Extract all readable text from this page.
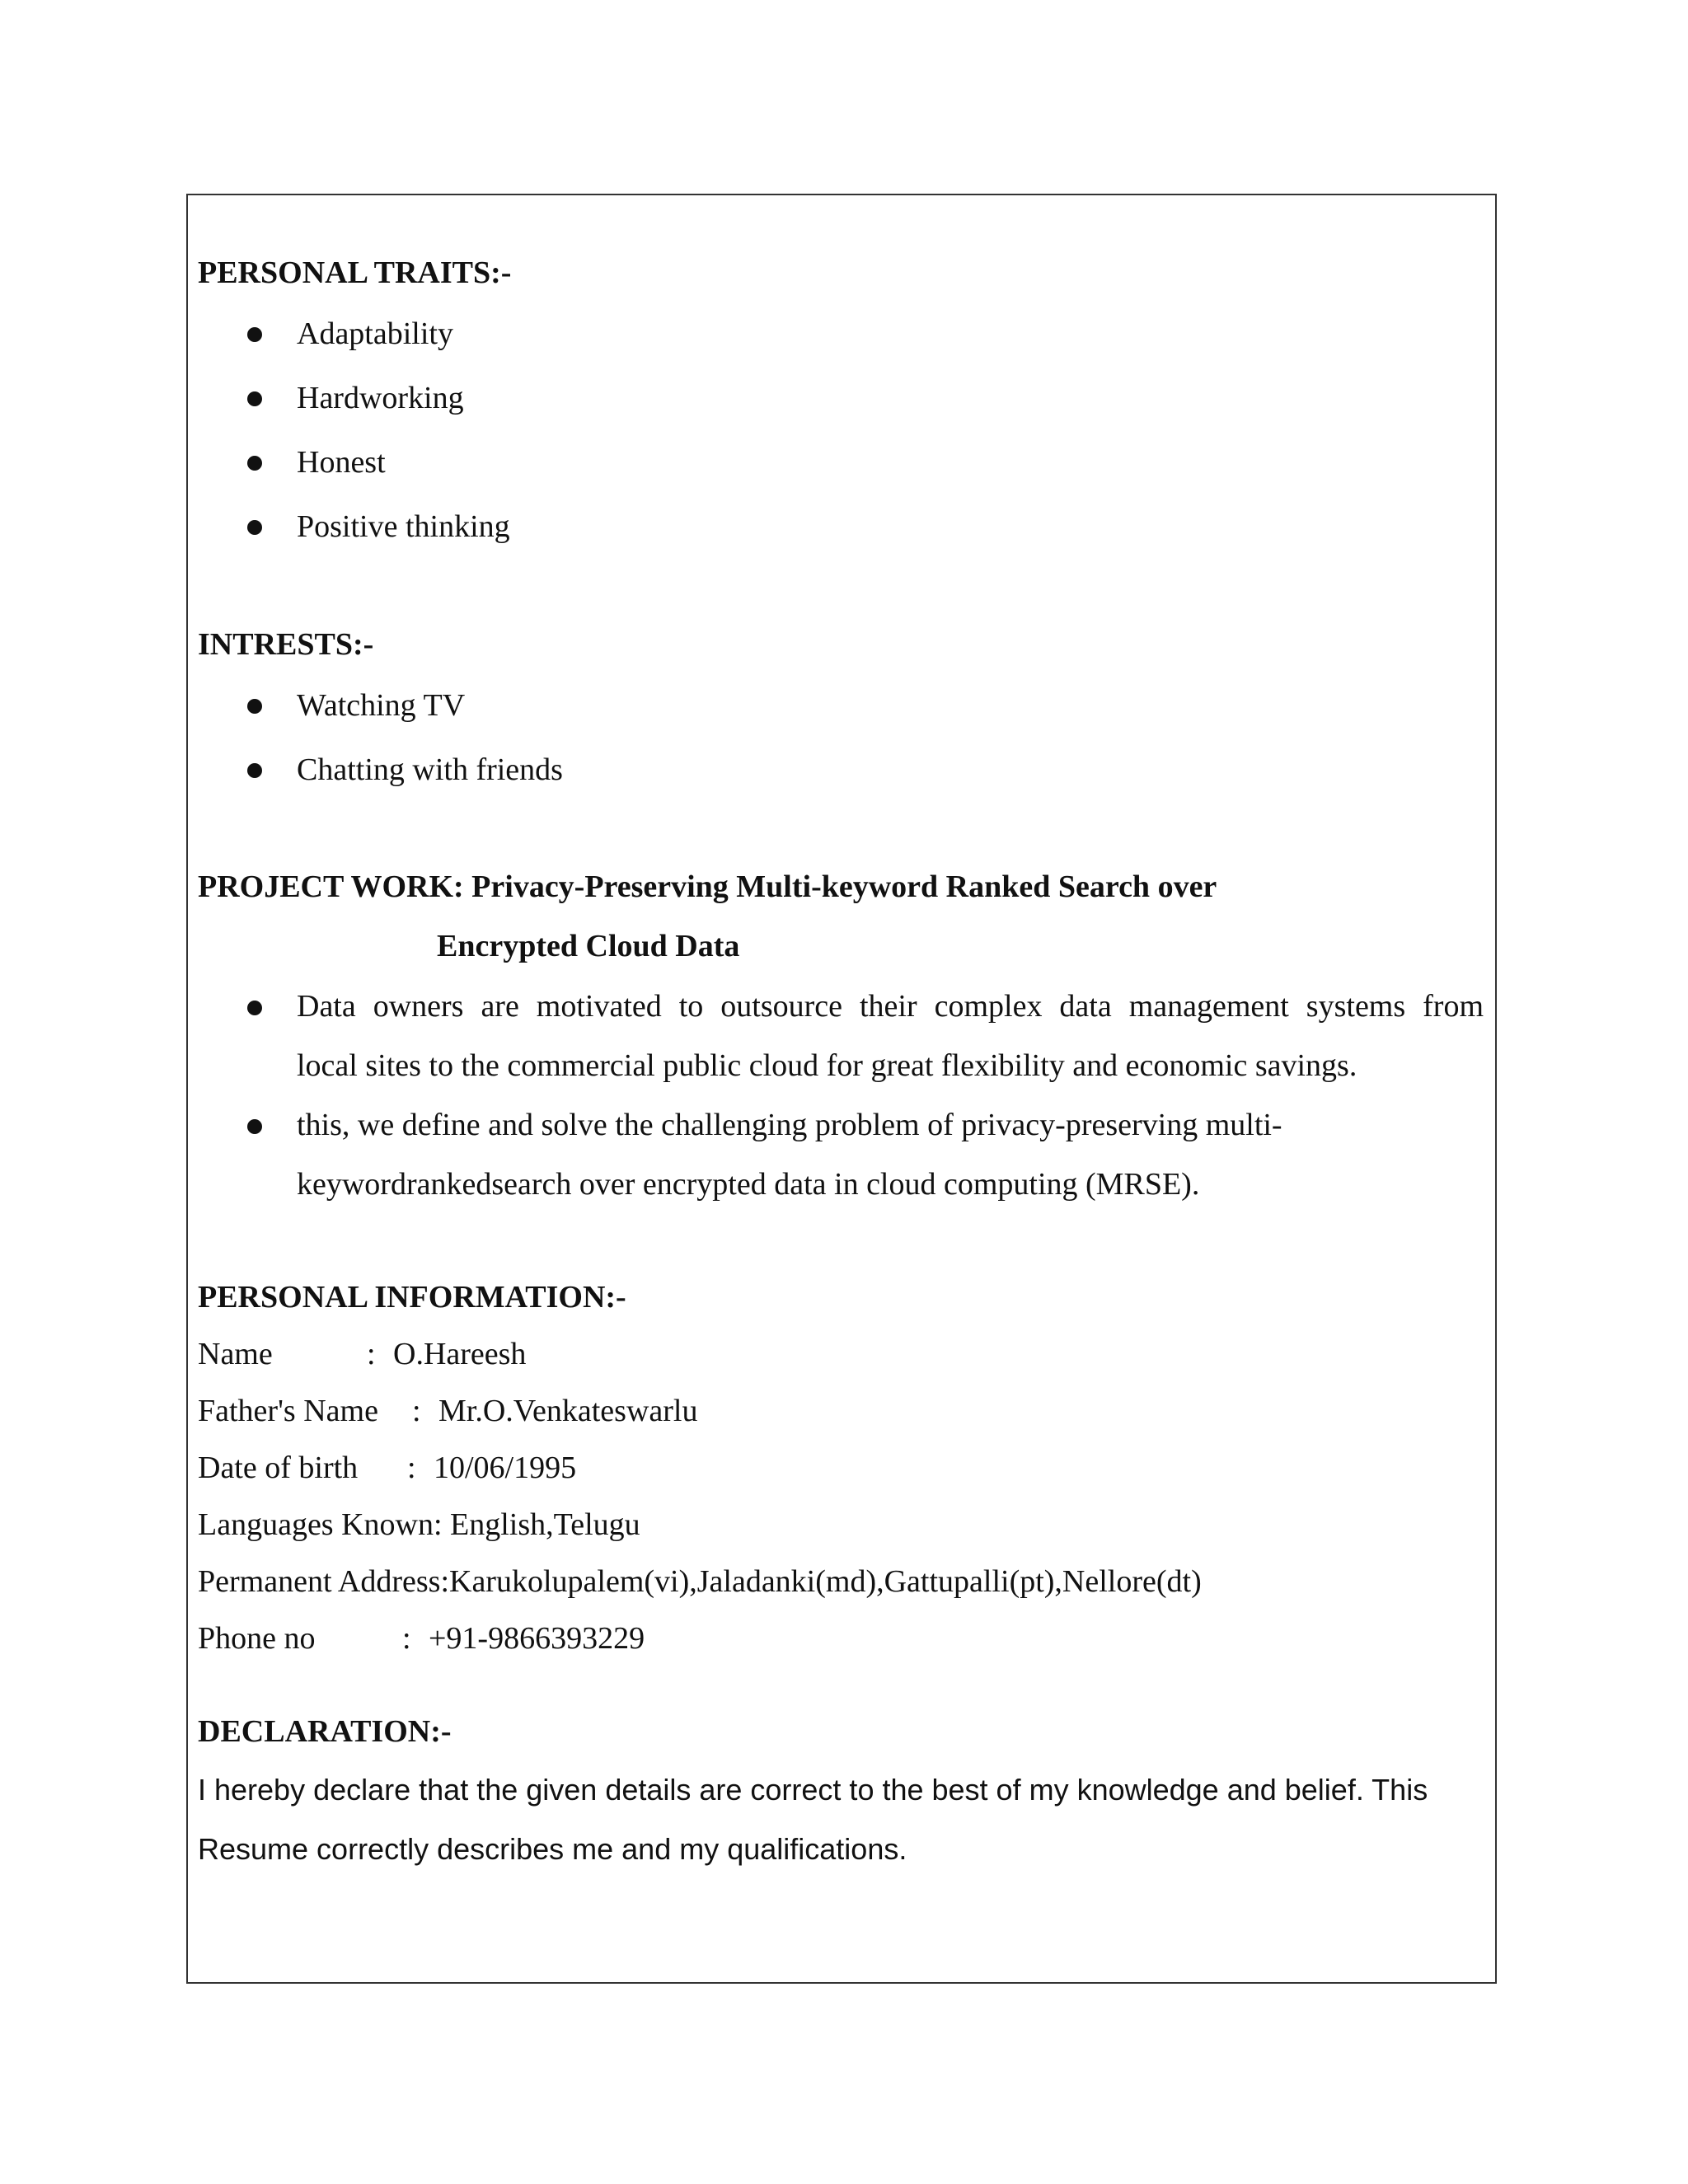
PERSONAL TRAITS:-
Adaptability
Hardworking
Honest
Positive thinking
INTRESTS:-
Watching TV
Chatting with friends
PROJECT WORK: Privacy-Preserving Multi-keyword Ranked Search over
Encrypted Cloud Data
Data owners are motivated to outsource their complex data management systems from
local sites to the commercial public cloud for great flexibility and economic savings.
this, we define and solve the challenging problem of privacy-preserving multi-
keywordrankedsearch over encrypted data in cloud computing (MRSE).
PERSONAL INFORMATION:-
Name	: O.Hareesh
Father's Name : Mr.O.Venkateswarlu
Date of birth : 10/06/1995
Languages Known: English,Telugu
Permanent Address:Karukolupalem(vi),Jaladanki(md),Gattupalli(pt),Nellore(dt)
Phone no	: +91-9866393229
DECLARATION:-
I hereby declare that the given details are correct to the best of my knowledge and belief. This
Resume correctly describes me and my qualifications.
